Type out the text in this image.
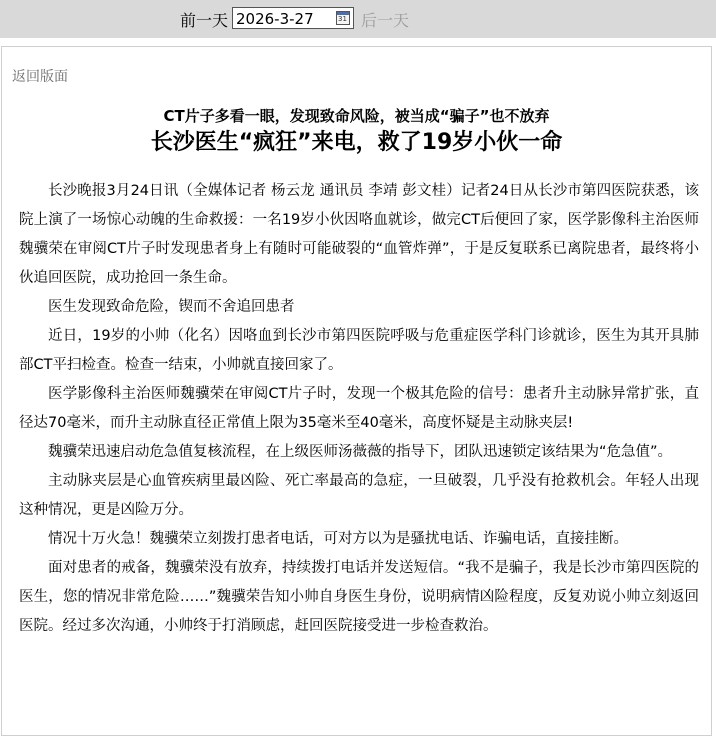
前一天 2026-3-27	31 后一天
返回版面
CT片子多看一眼，发现致命风险，被当成“骗子”也不放弃
长沙医生“疯狂”来电，救了19岁小伙一命

长沙晚报3月24日讯（全媒体记者 杨云龙 通讯员 李靖 彭文桂）记者24日从长沙市第四医院获悉，该院上演了一场惊心动魄的生命救援：一名19岁小伙因咯血就诊，做完CT后便回了家，医学影像科主治医师魏骥荣在审阅CT片子时发现患者身上有随时可能破裂的“血管炸弹”，于是反复联系已离院患者，最终将小伙追回医院，成功抢回一条生命。

医生发现致命危险，锲而不舍追回患者

近日，19岁的小帅（化名）因咯血到长沙市第四医院呼吸与危重症医学科门诊就诊，医生为其开具肺部CT平扫检查。检查一结束，小帅就直接回家了。

医学影像科主治医师魏骥荣在审阅CT片子时，发现一个极其危险的信号：患者升主动脉异常扩张，直径达70毫米，而升主动脉直径正常值上限为35毫米至40毫米，高度怀疑是主动脉夹层!

魏骥荣迅速启动危急值复核流程，在上级医师汤薇薇的指导下，团队迅速锁定该结果为“危急值”。

主动脉夹层是心血管疾病里最凶险、死亡率最高的急症，一旦破裂，几乎没有抢救机会。年轻人出现这种情况，更是凶险万分。

情况十万火急！魏骥荣立刻拨打患者电话，可对方以为是骚扰电话、诈骗电话，直接挂断。

面对患者的戒备，魏骥荣没有放弃，持续拨打电话并发送短信。“我不是骗子，我是长沙市第四医院的医生，您的情况非常危险……”魏骥荣告知小帅自身医生身份，说明病情凶险程度，反复劝说小帅立刻返回医院。经过多次沟通，小帅终于打消顾虑，赶回医院接受进一步检查救治。
